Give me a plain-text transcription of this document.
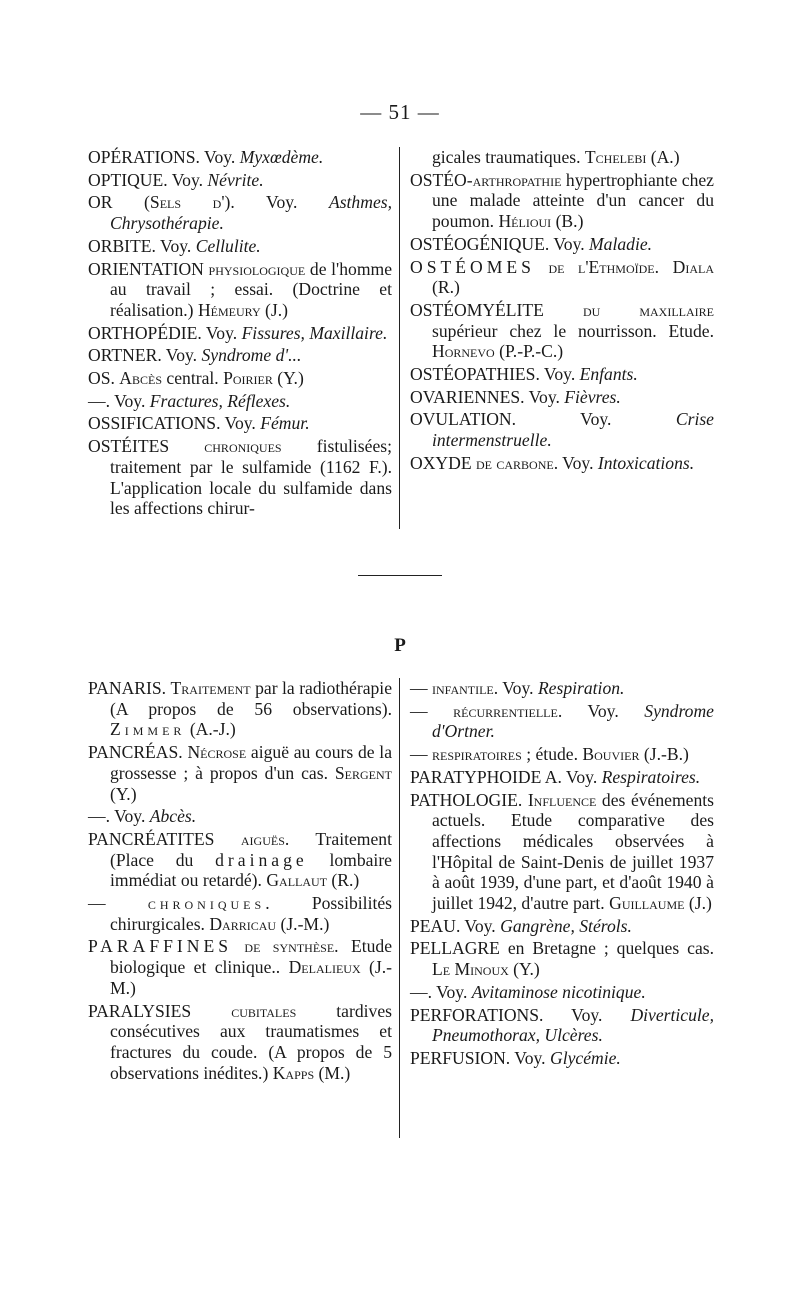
— 51 —

OPÉRATIONS. Voy. Myxœdème.

OPTIQUE. Voy. Névrite.

OR (Sels d'). Voy. Asthmes, Chrysothérapie.

ORBITE. Voy. Cellulite.

ORIENTATION physiologique de l'homme au travail ; essai. (Doctrine et réalisation.) Hémeury (J.)

ORTHOPÉDIE. Voy. Fissures, Maxillaire.

ORTNER. Voy. Syndrome d'...

OS. Abcès central. Poirier (Y.)

—. Voy. Fractures, Réflexes.

OSSIFICATIONS. Voy. Fémur.

OSTÉITES chroniques fistulisées; traitement par le sulfamide (1162 F.). L'application locale du sulfamide dans les affections chirur-

gicales traumatiques. Tchelebi (A.)

OSTÉO-arthropathie hypertrophiante chez une malade atteinte d'un cancer du poumon. Hélioui (B.)

OSTÉOGÉNIQUE. Voy. Maladie.

OSTÉOMES de l'Ethmoïde. Diala (R.)

OSTÉOMYÉLITE du maxillaire supérieur chez le nourrisson. Etude. Hornevo (P.-P.-C.)

OSTÉOPATHIES. Voy. Enfants.

OVARIENNES. Voy. Fièvres.

OVULATION. Voy. Crise intermenstruelle.

OXYDE de carbone. Voy. Intoxications.

P

PANARIS. Traitement par la radiothérapie (A propos de 56 observations). Zimmer (A.-J.)

PANCRÉAS. Nécrose aiguë au cours de la grossesse ; à propos d'un cas. Sergent (Y.)

—. Voy. Abcès.

PANCRÉATITES aiguës. Traitement (Place du drainage lombaire immédiat ou retardé). Gallaut (R.)

— chroniques. Possibilités chirurgicales. Darricau (J.-M.)

PARAFFINES de synthèse. Etude biologique et clinique.. Delalieux (J.-M.)

PARALYSIES cubitales tardives consécutives aux traumatismes et fractures du coude. (A propos de 5 observations inédites.) Kapps (M.)

— infantile. Voy. Respiration.

— récurrentielle. Voy. Syndrome d'Ortner.

— respiratoires ; étude. Bouvier (J.-B.)

PARATYPHOIDE A. Voy. Respiratoires.

PATHOLOGIE. Influence des événements actuels. Etude comparative des affections médicales observées à l'Hôpital de Saint-Denis de juillet 1937 à août 1939, d'une part, et d'août 1940 à juillet 1942, d'autre part. Guillaume (J.)

PEAU. Voy. Gangrène, Stérols.

PELLAGRE en Bretagne ; quelques cas. Le Minoux (Y.)

—. Voy. Avitaminose nicotinique.

PERFORATIONS. Voy. Diverticule, Pneumothorax, Ulcères.

PERFUSION. Voy. Glycémie.
